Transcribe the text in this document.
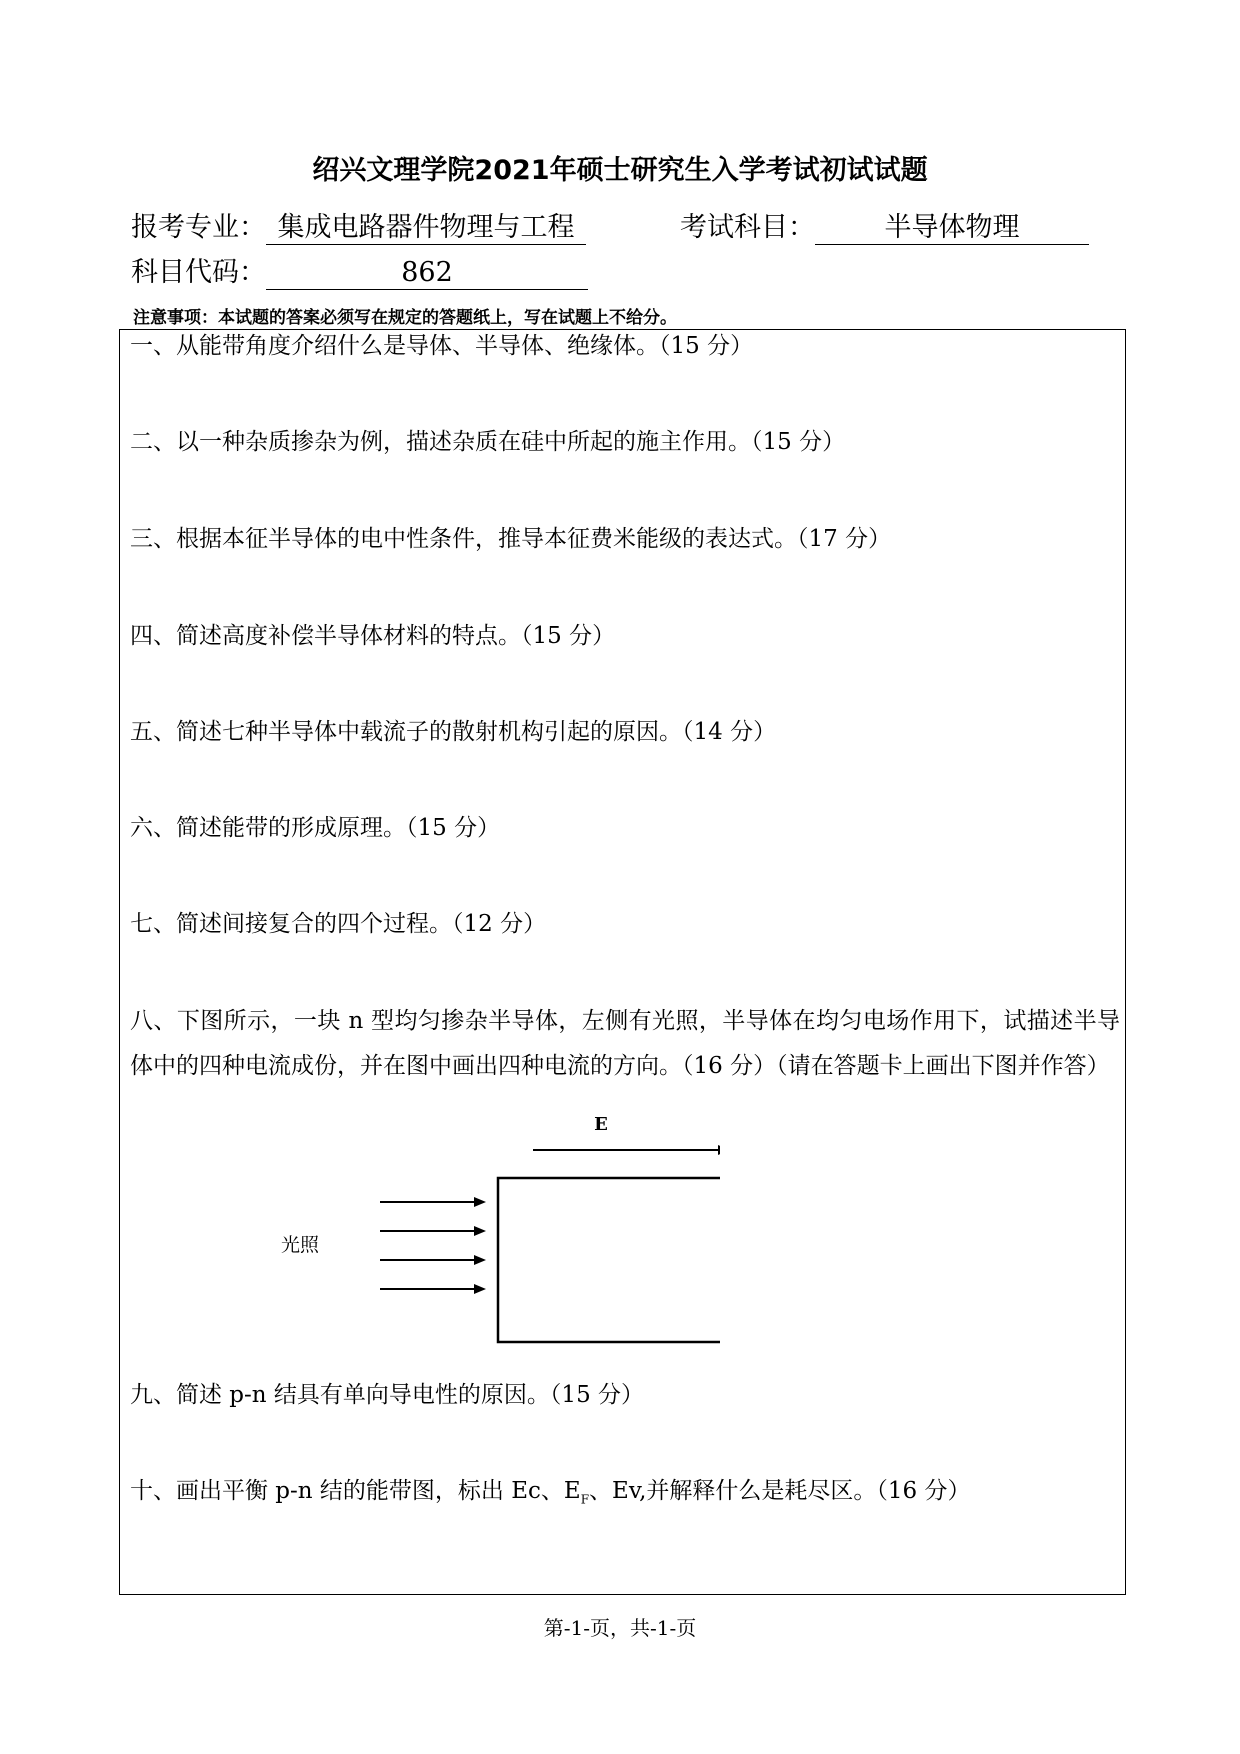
绍兴文理学院2021年硕士研究生入学考试初试试题
报考专业： 集成电路器件物理与工程	考试科目：	半导体物理
科目代码：	862
注意事项：本试题的答案必须写在规定的答题纸上，写在试题上不给分。
一、从能带角度介绍什么是导体、半导体、绝缘体。（15 分）
二、以一种杂质掺杂为例，描述杂质在硅中所起的施主作用。（15 分）
三、根据本征半导体的电中性条件，推导本征费米能级的表达式。（17 分）
四、简述高度补偿半导体材料的特点。（15 分）
五、简述七种半导体中载流子的散射机构引起的原因。（14 分）
六、简述能带的形成原理。（15 分）
七、简述间接复合的四个过程。（12 分）
八、下图所示，一块 n 型均匀掺杂半导体，左侧有光照，半导体在均匀电场作用下，试描述半导体中的四种电流成份，并在图中画出四种电流的方向。（16 分）（请在答题卡上画出下图并作答）
E
光照
九、简述 p-n 结具有单向导电性的原因。（15 分）
十、画出平衡 p-n 结的能带图，标出 Ec、$E_F$、Ev,并解释什么是耗尽区。（16 分）
第-1-页，共-1-页
